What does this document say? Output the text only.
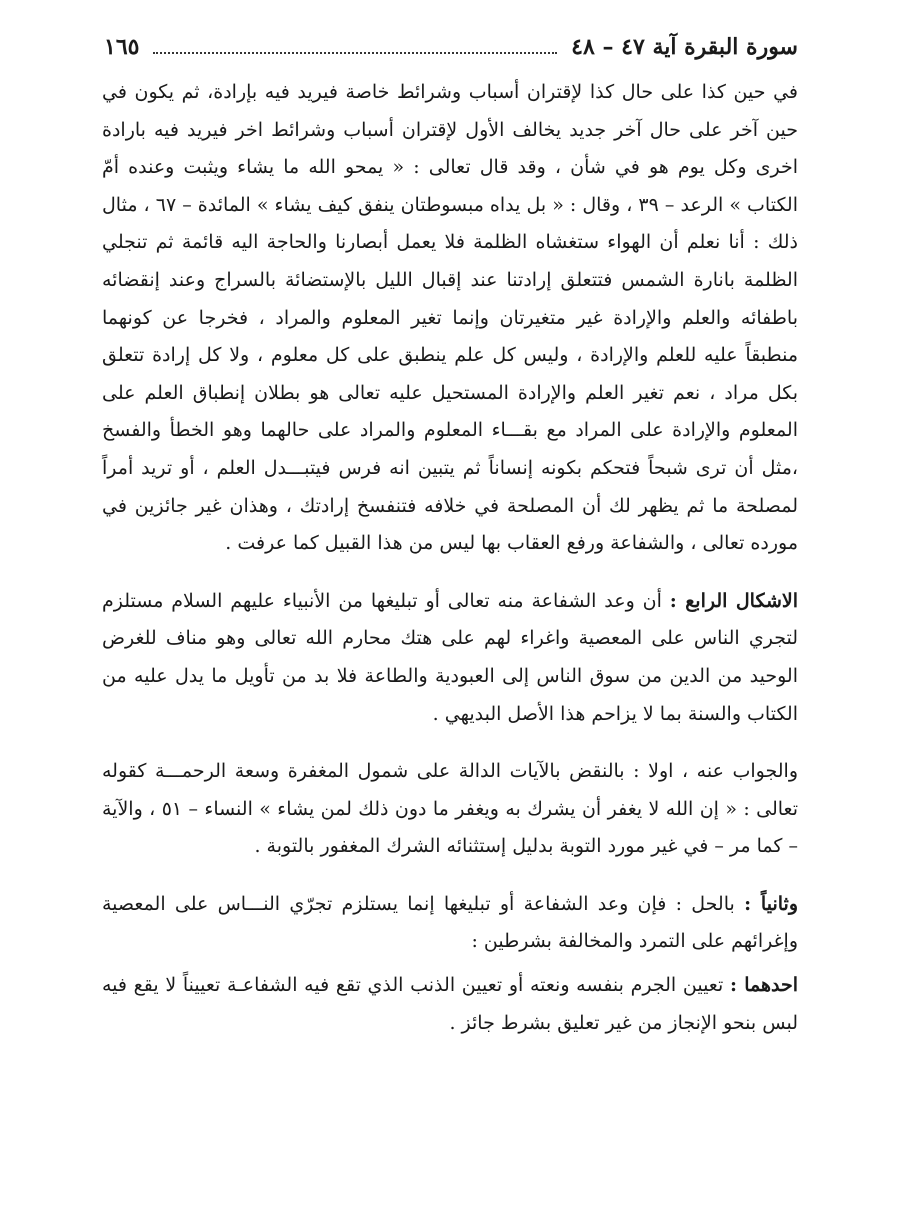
سورة البقرة آية ٤٧ – ٤٨
١٦٥

في حين كذا على حال كذا لإقتران أسباب وشرائط خاصة فيريد فيه بإرادة، ثم يكون في حين آخر على حال آخر جديد يخالف الأول لإقتران أسباب وشرائط اخر فيريد فيه بارادة اخرى وكل يوم هو في شأن ، وقد قال تعالى : « يمحو الله ما يشاء ويثبت وعنده أمّ الكتاب » الرعد – ٣٩ ، وقال : « بل يداه مبسوطتان ينفق كيف يشاء » المائدة – ٦٧ ، مثال ذلك : أنا نعلم أن الهواء ستغشاه الظلمة فلا يعمل أبصارنا والحاجة اليه قائمة ثم تنجلي الظلمة بانارة الشمس فتتعلق إرادتنا عند إقبال الليل بالإستضائة بالسراج وعند إنقضائه باطفائه والعلم والإرادة غير متغيرتان وإنما تغير المعلوم والمراد ، فخرجا عن كونهما منطبقاً عليه للعلم والإرادة ، وليس كل علم ينطبق على كل معلوم ، ولا كل إرادة تتعلق بكل مراد ، نعم تغير العلم والإرادة المستحيل عليه تعالى هو بطلان إنطباق العلم على المعلوم والإرادة على المراد مع بقـــاء المعلوم والمراد على حالهما وهو الخطأ والفسخ ،مثل أن ترى شبحاً فتحكم بكونه إنساناً ثم يتبين انه فرس فيتبـــدل العلم ، أو تريد أمراً لمصلحة ما ثم يظهر لك أن المصلحة في خلافه فتنفسخ إرادتك ، وهذان غير جائزين في مورده تعالى ، والشفاعة ورفع العقاب بها ليس من هذا القبيل كما عرفت .

الاشكال الرابع : أن وعد الشفاعة منه تعالى أو تبليغها من الأنبياء عليهم السلام مستلزم لتجري الناس على المعصية واغراء لهم على هتك محارم الله تعالى وهو مناف للغرض الوحيد من الدين من سوق الناس إلى العبودية والطاعة فلا بد من تأويل ما يدل عليه من الكتاب والسنة بما لا يزاحم هذا الأصل البديهي .

والجواب عنه ، اولا : بالنقض بالآيات الدالة على شمول المغفرة وسعة الرحمـــة كقوله تعالى : « إن الله لا يغفر أن يشرك به ويغفر ما دون ذلك لمن يشاء » النساء – ٥١ ، والآية – كما مر – في غير مورد التوبة بدليل إستثنائه الشرك المغفور بالتوبة .

وثانياً : بالحل : فإن وعد الشفاعة أو تبليغها إنما يستلزم تجرّي النـــاس على المعصية وإغرائهم على التمرد والمخالفة بشرطين :

احدهما : تعيين الجرم بنفسه ونعته أو تعيين الذنب الذي تقع فيه الشفاعـة تعييناً لا يقع فيه لبس بنحو الإنجاز من غير تعليق بشرط جائز .
